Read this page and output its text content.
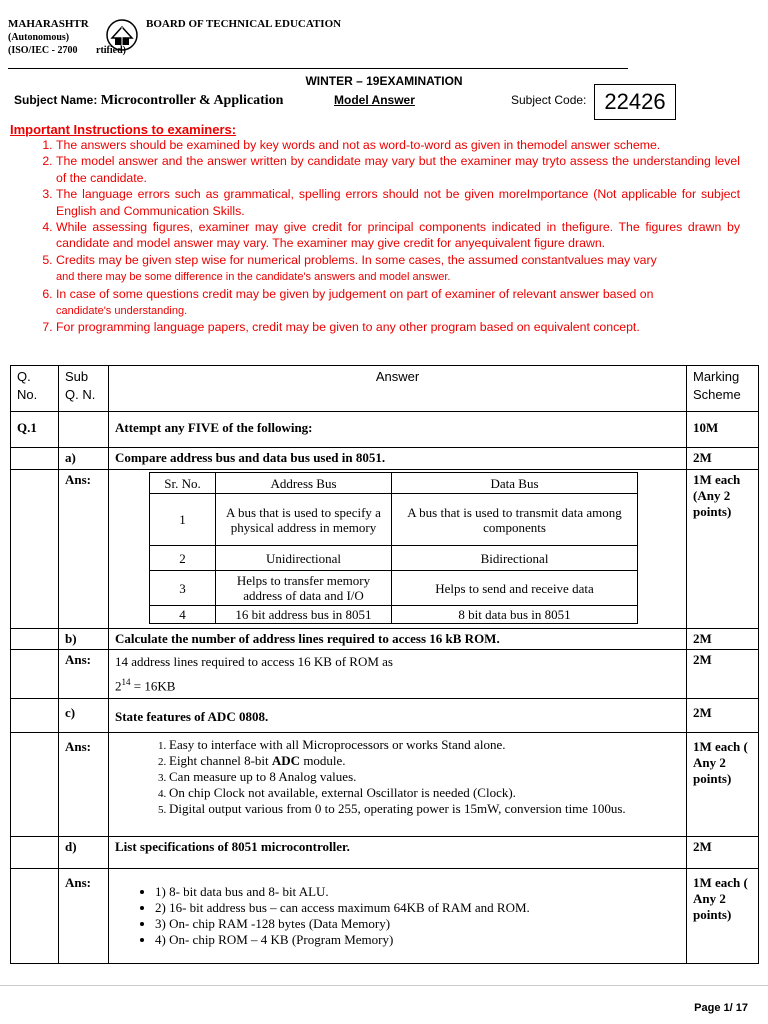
MAHARASHTR	BOARD OF TECHNICAL EDUCATION
(Autonomous)
(ISO/IEC - 2700 rtified)
WINTER – 19EXAMINATION
Subject Name: Microcontroller & Application	Model Answer	Subject Code: 22426
Important Instructions to examiners:
1. The answers should be examined by key words and not as word-to-word as given in themodel answer scheme.
2. The model answer and the answer written by candidate may vary but the examiner may tryto assess the understanding level of the candidate.
3. The language errors such as grammatical, spelling errors should not be given moreImportance (Not applicable for subject English and Communication Skills.
4. While assessing figures, examiner may give credit for principal components indicated in thefigure. The figures drawn by candidate and model answer may vary. The examiner may give credit for anyequivalent figure drawn.
5. Credits may be given step wise for numerical problems. In some cases, the assumed constantvalues may vary
and there may be some difference in the candidate's answers and model answer.
6. In case of some questions credit may be given by judgement on part of examiner of relevant answer based on
candidate's understanding.
7. For programming language papers, credit may be given to any other program based on equivalent concept.
Q. No.	Sub Q. N.	Answer	Marking Scheme
Q.1		Attempt any FIVE of the following:	10M
	a)	Compare address bus and data bus used in 8051.	2M
	Ans:		Sr. No.	Address Bus	Data Bus
1	A bus that is used to specify a physical address in memory	A bus that is used to transmit data among components
2	Unidirectional	Bidirectional
3	Helps to transfer memory address of data and I/O	Helps to send and receive data
4	16 bit address bus in 8051	8 bit data bus in 8051
	1M each (Any 2 points)
	b)	Calculate the number of address lines required to access 16 kB ROM.	2M
	Ans:	14 address lines required to access 16 KB of ROM as
$2^{14} = 16KB$
	2M
	c)	State features of ADC 0808.	2M
	Ans:	
1.Easy to interface with all Microprocessors or works Stand alone.
2. Eight channel 8-bit ADC module.
3. Can measure up to 8 Analog values.
4. On chip Clock not available, external Oscillator is needed (Clock).
5. Digital output various from 0 to 255, operating power is 15mW, conversion time 100us.
	1M each ( Any 2 points)
	d)	List specifications of 8051 microcontroller.	2M
	Ans:	
• 1) 8- bit data bus and 8- bit ALU.
• 2) 16- bit address bus – can access maximum 64KB of RAM and ROM.
• 3) On- chip RAM -128 bytes (Data Memory)
• 4) On- chip ROM – 4 KB (Program Memory)
	1M each ( Any 2 points)
Page 1/ 17
